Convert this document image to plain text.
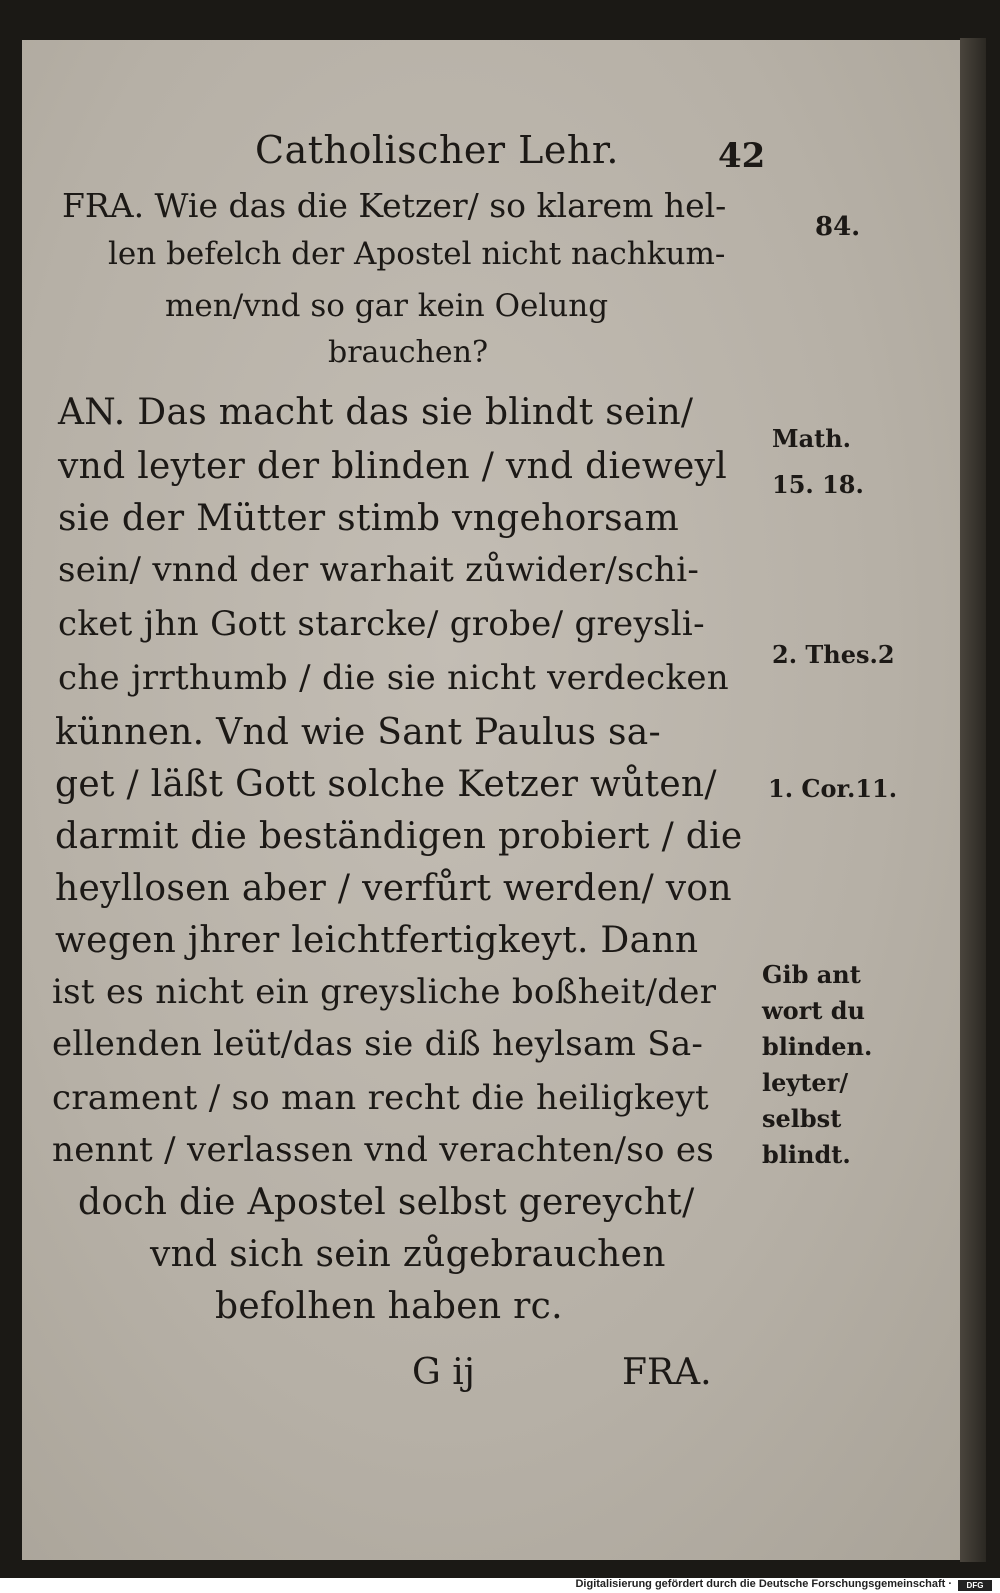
Catholischer Lehr.	42
84.
FRA. Wie das die Ketzer/ so klarem hel-
len befelch der Apostel nicht nachkum-
men/vnd so gar kein Oelung
brauchen?
AN. Das macht das sie blindt sein/
vnd leyter der blinden / vnd dieweyl
sie der Mütter stimb vngehorsam
sein/ vnnd der warhait zůwider/schi-
cket jhn Gott starcke/ grobe/ greysli-
che jrrthumb / die sie nicht verdecken
künnen. Vnd wie Sant Paulus sa-
get / läßt Gott solche Ketzer wůten/
darmit die beständigen probiert / die
heyllosen aber / verfůrt werden/ von
wegen jhrer leichtfertigkeyt. Dann
ist es nicht ein greysliche boßheit/der
ellenden leüt/das sie diß heylsam Sa-
crament / so man recht die heiligkeyt
nennt / verlassen vnd verachten/so es
doch die Apostel selbst gereycht/
vnd sich sein zůgebrauchen
befolhen haben rc.
Math.
15. 18.
2. Thes.2
1. Cor.11.
Gib ant
wort du
blinden.
leyter/
selbst
blindt.
G ij	FRA.
Digitalisierung gefördert durch die Deutsche Forschungsgemeinschaft ·	DFG
